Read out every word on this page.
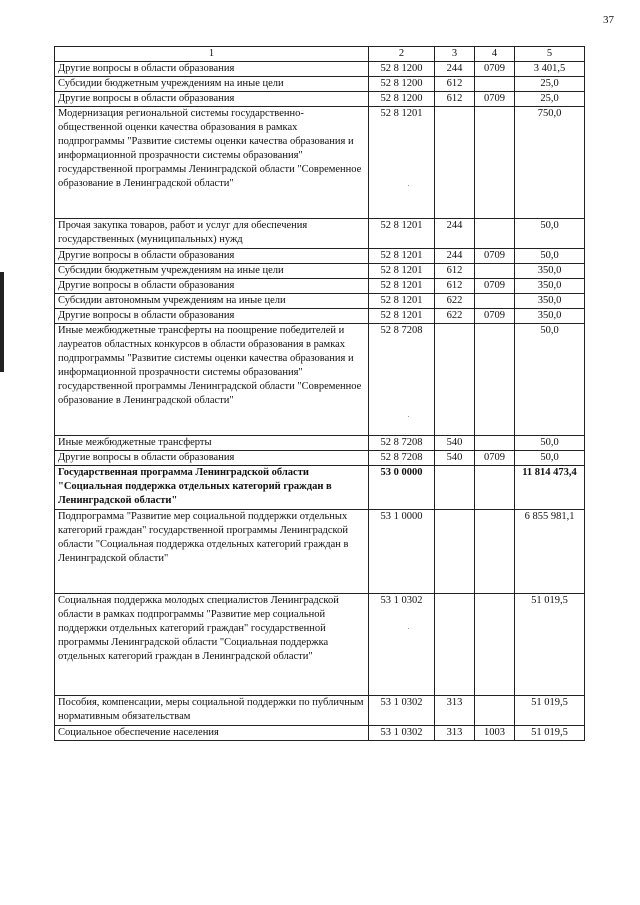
37
1	2	3	4	5
Другие вопросы в области образования	52 8 1200	244	0709	3 401,5
Субсидии бюджетным учреждениям на иные цели	52 8 1200	612		25,0
Другие вопросы в области образования	52 8 1200	612	0709	25,0
Модернизация региональной системы государственно-общественной оценки качества образования в рамках подпрограммы "Развитие системы оценки качества образования и информационной прозрачности системы образования" государственной программы Ленинградской области "Современное образование в Ленинградской области"	52 8 1201			750,0
Прочая закупка товаров, работ и услуг для обеспечения государственных (муниципальных) нужд	52 8 1201	244		50,0
Другие вопросы в области образования	52 8 1201	244	0709	50,0
Субсидии бюджетным учреждениям на иные цели	52 8 1201	612		350,0
Другие вопросы в области образования	52 8 1201	612	0709	350,0
Субсидии автономным учреждениям на иные цели	52 8 1201	622		350,0
Другие вопросы в области образования	52 8 1201	622	0709	350,0
Иные межбюджетные трансферты на поощрение победителей и лауреатов областных конкурсов в области образования в рамках подпрограммы "Развитие системы оценки качества образования и информационной прозрачности системы образования" государственной программы Ленинградской области "Современное образование в Ленинградской области"	52 8 7208			50,0
Иные межбюджетные трансферты	52 8 7208	540		50,0
Другие вопросы в области образования	52 8 7208	540	0709	50,0
Государственная программа Ленинградской области "Социальная поддержка отдельных категорий граждан в Ленинградской области"	53 0 0000			11 814 473,4
Подпрограмма "Развитие мер социальной поддержки отдельных категорий граждан" государственной программы Ленинградской области "Социальная поддержка отдельных категорий граждан в Ленинградской области"	53 1 0000			6 855 981,1
Социальная поддержка молодых специалистов Ленинградской области в рамках подпрограммы "Развитие мер социальной поддержки отдельных категорий граждан" государственной программы Ленинградской области "Социальная поддержка отдельных категорий граждан в Ленинградской области"	53 1 0302			51 019,5
Пособия, компенсации, меры социальной поддержки по публичным нормативным обязательствам	53 1 0302	313		51 019,5
Социальное обеспечение населения	53 1 0302	313	1003	51 019,5
